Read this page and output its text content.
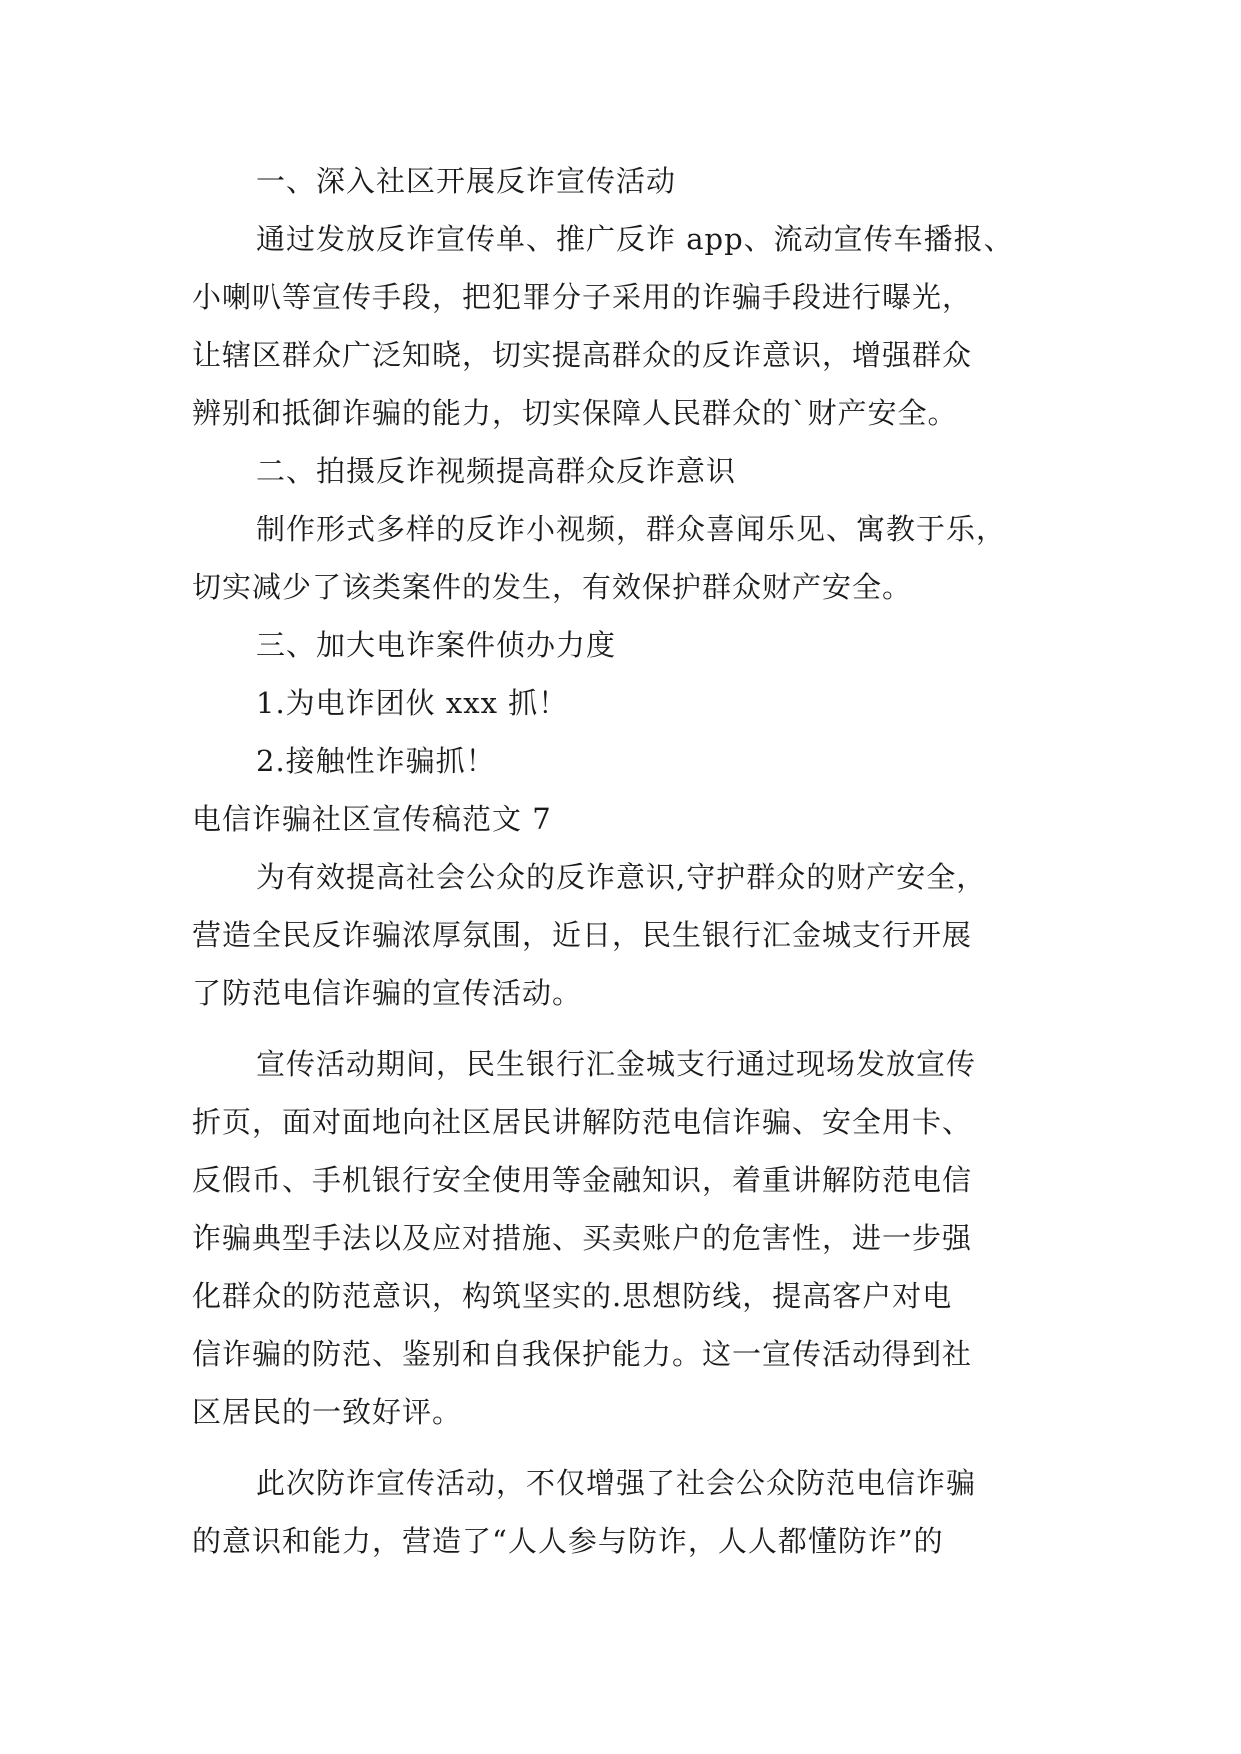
一、深入社区开展反诈宣传活动
通过发放反诈宣传单、推广反诈 app、流动宣传车播报、
小喇叭等宣传手段，把犯罪分子采用的诈骗手段进行曝光，
让辖区群众广泛知晓，切实提高群众的反诈意识，增强群众
辨别和抵御诈骗的能力，切实保障人民群众的`财产安全。
二、拍摄反诈视频提高群众反诈意识
制作形式多样的反诈小视频，群众喜闻乐见、寓教于乐，
切实减少了该类案件的发生，有效保护群众财产安全。
三、加大电诈案件侦办力度
1.为电诈团伙 xxx 抓！
2.接触性诈骗抓！
电信诈骗社区宣传稿范文 7
为有效提高社会公众的反诈意识,守护群众的财产安全，
营造全民反诈骗浓厚氛围，近日，民生银行汇金城支行开展
了防范电信诈骗的宣传活动。
宣传活动期间，民生银行汇金城支行通过现场发放宣传
折页，面对面地向社区居民讲解防范电信诈骗、安全用卡、
反假币、手机银行安全使用等金融知识，着重讲解防范电信
诈骗典型手法以及应对措施、买卖账户的危害性，进一步强
化群众的防范意识，构筑坚实的.思想防线，提高客户对电
信诈骗的防范、鉴别和自我保护能力。这一宣传活动得到社
区居民的一致好评。
此次防诈宣传活动，不仅增强了社会公众防范电信诈骗
的意识和能力，营造了“人人参与防诈，人人都懂防诈”的
